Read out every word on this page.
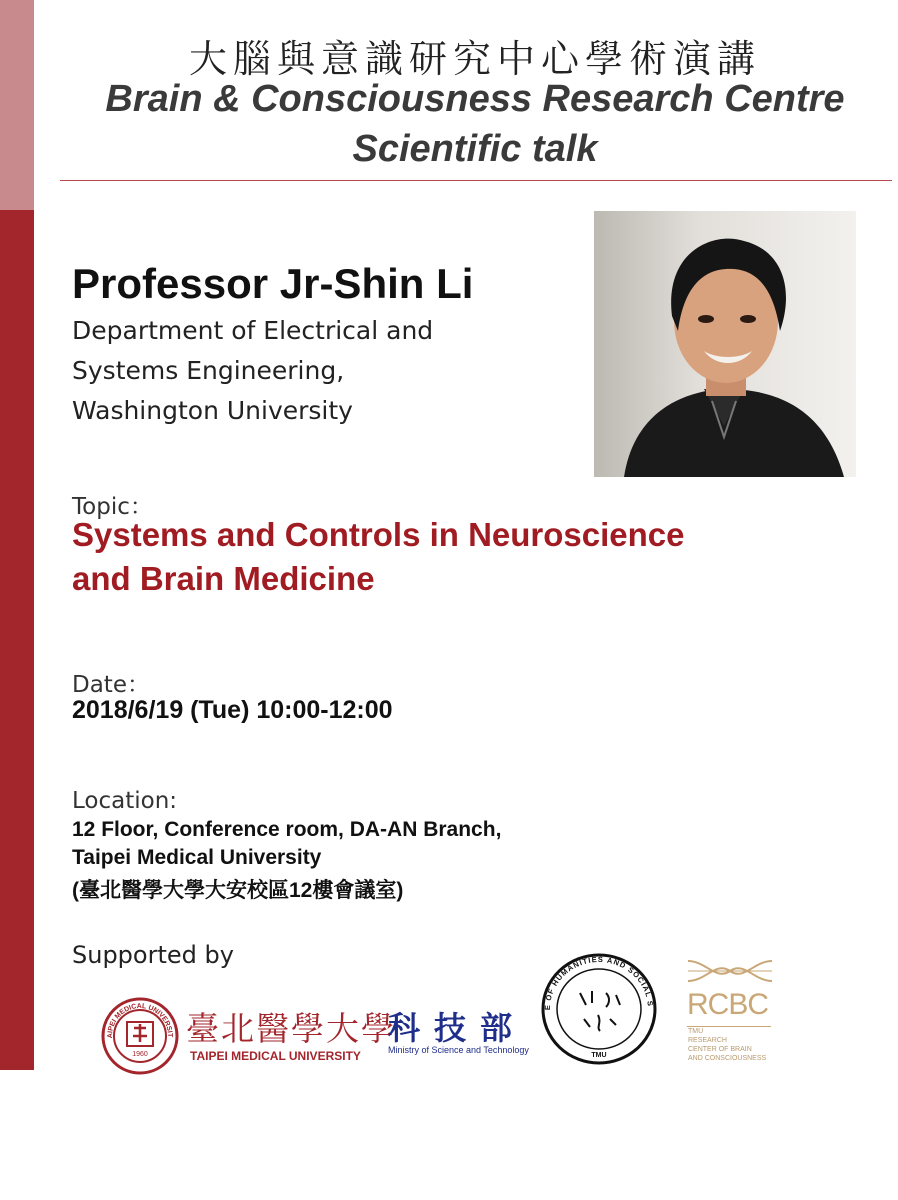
大腦與意識研究中心學術演講
Brain & Consciousness Research Centre
Scientific talk
Professor Jr-Shin Li
Department of Electrical and
Systems Engineering,
Washington University
Topic：
Systems and Controls in Neuroscience
and Brain Medicine
Date：
2018/6/19 (Tue) 10:00-12:00
Location:
12 Floor, Conference room, DA-AN Branch,
Taipei Medical University
(臺北醫學大學大安校區12樓會議室)
Supported by
AIPEI MEDICAL UNIVERSIT
1960
臺北醫學大學
TAIPEI MEDICAL UNIVERSITY
科技部
Ministry of Science and Technology
E OF HUMANITIES AND SOCIAL S
TMU
RCBC
TMU
RESEARCH
CENTER OF BRAIN
AND CONSCIOUSNESS
